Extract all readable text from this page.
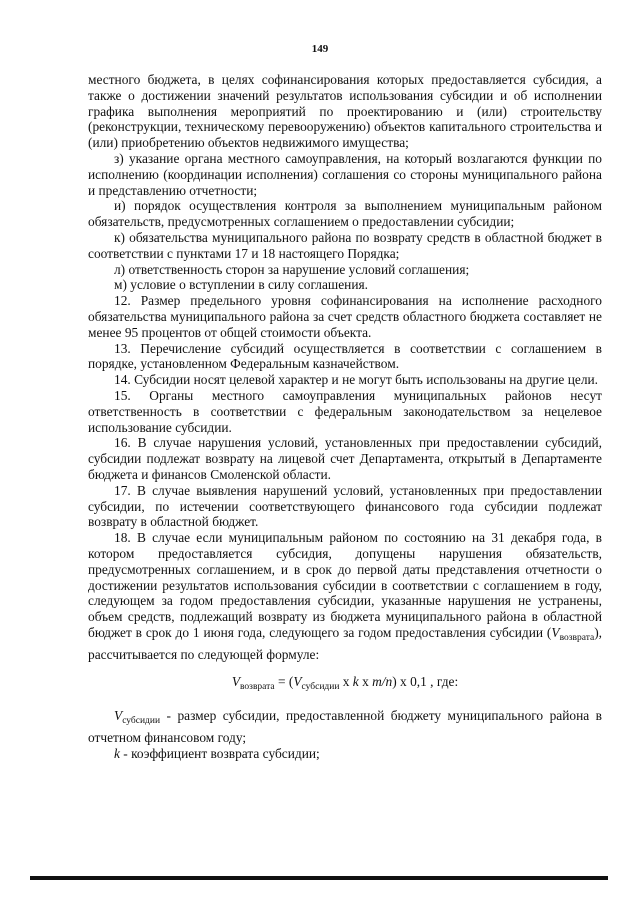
149

местного бюджета, в целях софинансирования которых предоставляется субсидия, а также о достижении значений результатов использования субсидии и об исполнении графика выполнения мероприятий по проектированию и (или) строительству (реконструкции, техническому перевооружению) объектов капитального строительства и (или) приобретению объектов недвижимого имущества;

з) указание органа местного самоуправления, на который возлагаются функции по исполнению (координации исполнения) соглашения со стороны муниципального района и представлению отчетности;

и) порядок осуществления контроля за выполнением муниципальным районом обязательств, предусмотренных соглашением о предоставлении субсидии;

к) обязательства муниципального района по возврату средств в областной бюджет в соответствии с пунктами 17 и 18 настоящего Порядка;

л) ответственность сторон за нарушение условий соглашения;

м) условие о вступлении в силу соглашения.

12. Размер предельного уровня софинансирования на исполнение расходного обязательства муниципального района за счет средств областного бюджета составляет не менее 95 процентов от общей стоимости объекта.

13. Перечисление субсидий осуществляется в соответствии с соглашением в порядке, установленном Федеральным казначейством.

14. Субсидии носят целевой характер и не могут быть использованы на другие цели.

15. Органы местного самоуправления муниципальных районов несут ответственность в соответствии с федеральным законодательством за нецелевое использование субсидии.

16. В случае нарушения условий, установленных при предоставлении субсидий, субсидии подлежат возврату на лицевой счет Департамента, открытый в Департаменте бюджета и финансов Смоленской области.

17. В случае выявления нарушений условий, установленных при предоставлении субсидии, по истечении соответствующего финансового года субсидии подлежат возврату в областной бюджет.

18. В случае если муниципальным районом по состоянию на 31 декабря года, в котором предоставляется субсидия, допущены нарушения обязательств, предусмотренных соглашением, и в срок до первой даты представления отчетности о достижении результатов использования субсидии в соответствии с соглашением в году, следующем за годом предоставления субсидии, указанные нарушения не устранены, объем средств, подлежащий возврату из бюджета муниципального района в областной бюджет в срок до 1 июня года, следующего за годом предоставления субсидии $(V_{возврата})$, рассчитывается по следующей формуле:

$V_{возврата} = (V_{субсидии}$ x k x m/n) x 0,1 , где:

$V_{субсидии}$ - размер субсидии, предоставленной бюджету муниципального района в отчетном финансовом году;

k - коэффициент возврата субсидии;
